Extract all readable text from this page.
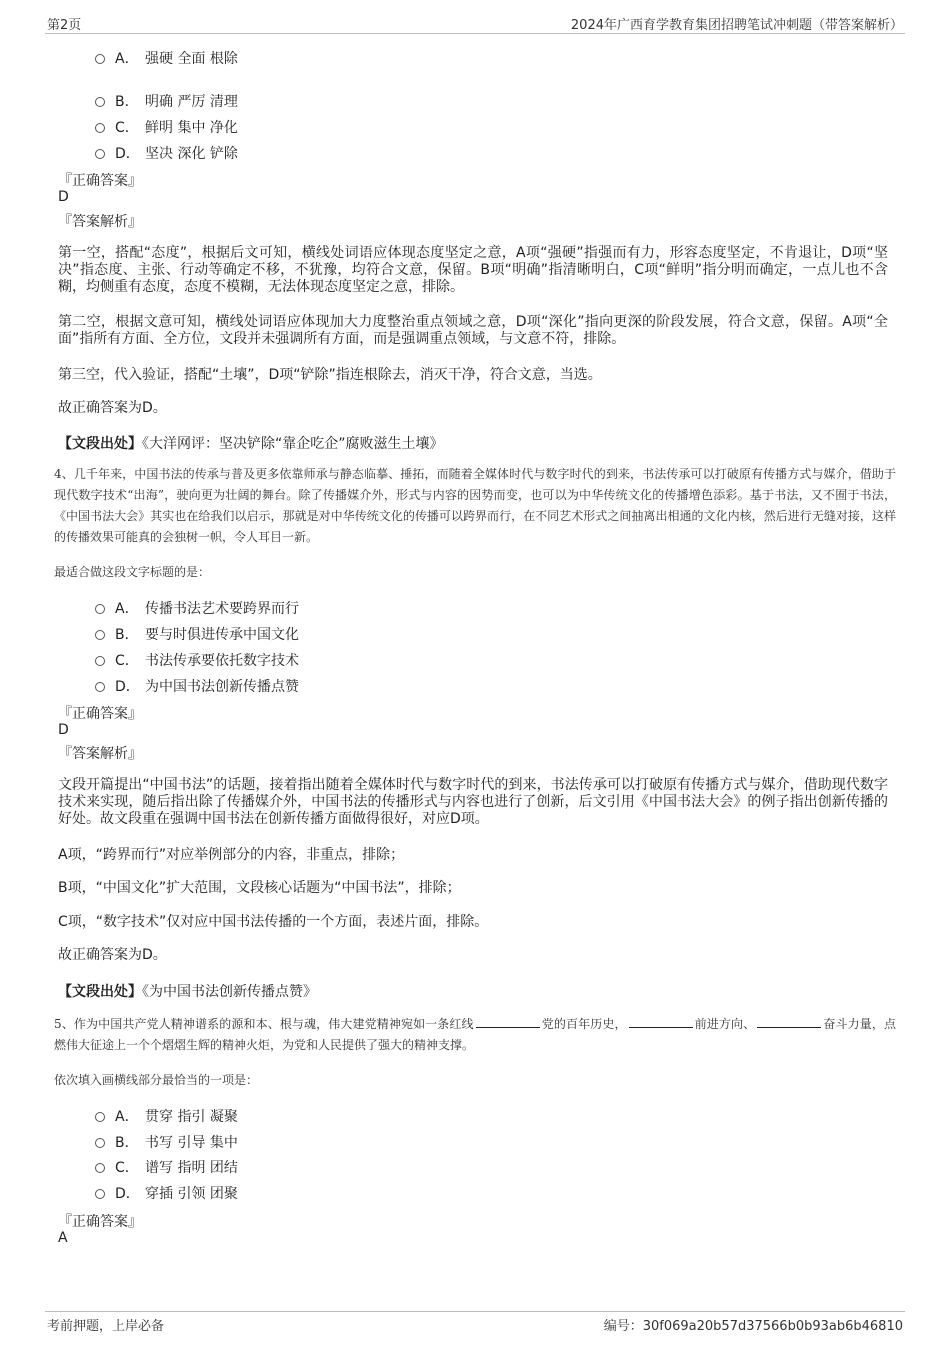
第2页	2024年广西育学教育集团招聘笔试冲刺题（带答案解析）
A． 强硬 全面 根除
B． 明确 严厉 清理
C． 鲜明 集中 净化
D． 坚决 深化 铲除
『正确答案』
D
『答案解析』
第一空，搭配“态度”，根据后文可知，横线处词语应体现态度坚定之意，A项“强硬”指强而有力，形容态度坚定，不肯退让，D项“坚决”指态度、主张、行动等确定不移，不犹豫，均符合文意，保留。B项“明确”指清晰明白，C项“鲜明”指分明而确定，一点儿也不含糊，均侧重有态度，态度不模糊，无法体现态度坚定之意，排除。
第二空，根据文意可知，横线处词语应体现加大力度整治重点领域之意，D项“深化”指向更深的阶段发展，符合文意，保留。A项“全面”指所有方面、全方位，文段并未强调所有方面，而是强调重点领域，与文意不符，排除。
第三空，代入验证，搭配“土壤”，D项“铲除”指连根除去，消灭干净，符合文意，当选。
故正确答案为D。
【文段出处】《大洋网评：坚决铲除“靠企吃企”腐败滋生土壤》
4、几千年来，中国书法的传承与普及更多依靠师承与静态临摹、捶拓，而随着全媒体时代与数字时代的到来，书法传承可以打破原有传播方式与媒介，借助于现代数字技术“出海”，驶向更为壮阔的舞台。除了传播媒介外，形式与内容的因势而变，也可以为中华传统文化的传播增色添彩。基于书法，又不囿于书法，《中国书法大会》其实也在给我们以启示，那就是对中华传统文化的传播可以跨界而行，在不同艺术形式之间抽离出相通的文化内核，然后进行无缝对接，这样的传播效果可能真的会独树一帜，令人耳目一新。
最适合做这段文字标题的是：
A． 传播书法艺术要跨界而行
B． 要与时俱进传承中国文化
C． 书法传承要依托数字技术
D． 为中国书法创新传播点赞
『正确答案』
D
『答案解析』
文段开篇提出“中国书法”的话题，接着指出随着全媒体时代与数字时代的到来，书法传承可以打破原有传播方式与媒介，借助现代数字技术来实现，随后指出除了传播媒介外，中国书法的传播形式与内容也进行了创新，后文引用《中国书法大会》的例子指出创新传播的好处。故文段重在强调中国书法在创新传播方面做得很好，对应D项。
A项，“跨界而行”对应举例部分的内容，非重点，排除；
B项，“中国文化”扩大范围，文段核心话题为“中国书法”，排除；
C项，“数字技术”仅对应中国书法传播的一个方面，表述片面，排除。
故正确答案为D。
【文段出处】《为中国书法创新传播点赞》
5、作为中国共产党人精神谱系的源和本、根与魂，伟大建党精神宛如一条红线	党的百年历史，	前进方向、	奋斗力量，点燃伟大征途上一个个熠熠生辉的精神火炬，为党和人民提供了强大的精神支撑。
依次填入画横线部分最恰当的一项是：
A． 贯穿 指引 凝聚
B． 书写 引导 集中
C． 谱写 指明 团结
D． 穿插 引领 团聚
『正确答案』
A
考前押题，上岸必备	编号：30f069a20b57d37566b0b93ab6b46810
